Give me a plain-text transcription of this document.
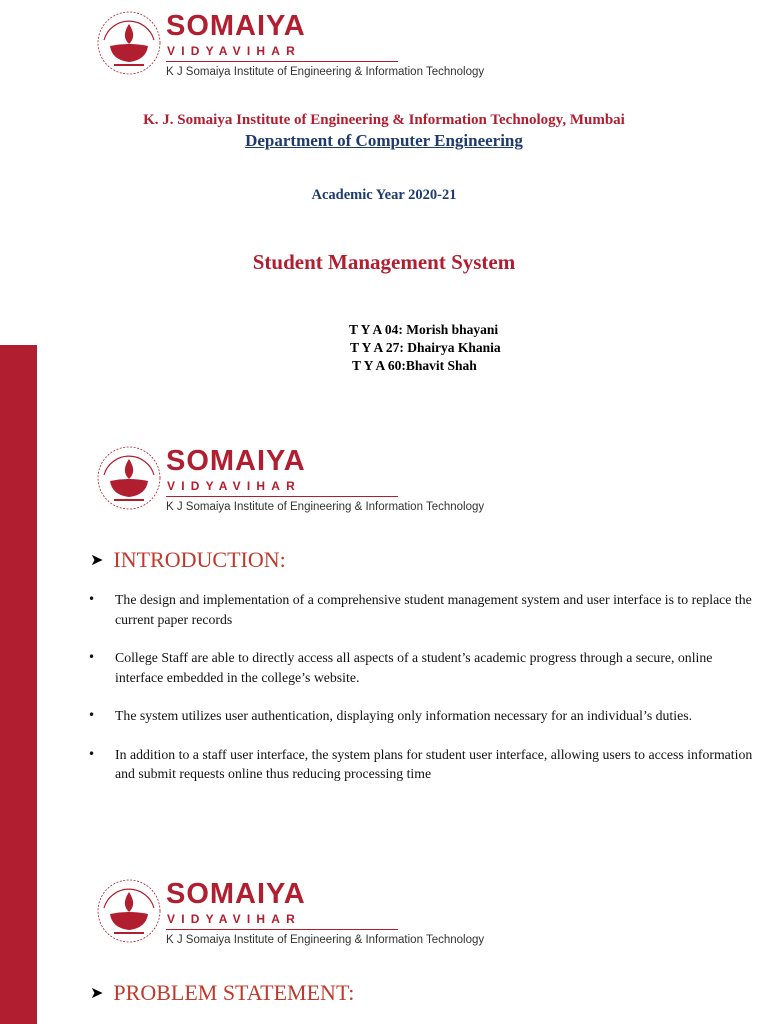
SOMAIYA
VIDYAVIHAR
K J Somaiya Institute of Engineering & Information Technology
K. J. Somaiya Institute of Engineering & Information Technology, Mumbai
Department of Computer Engineering
Academic Year 2020-21
Student Management System
T Y A 04: Morish bhayani
T Y A 27: Dhairya Khania
T Y A 60:Bhavit Shah
SOMAIYA
VIDYAVIHAR
K J Somaiya Institute of Engineering & Information Technology
➤ INTRODUCTION:
• The design and implementation of a comprehensive student management system and user interface is to replace the current paper records
• College Staff are able to directly access all aspects of a student’s academic progress through a secure, online interface embedded in the college’s website.
• The system utilizes user authentication, displaying only information necessary for an individual’s duties.
• In addition to a staff user interface, the system plans for student user interface, allowing users to access information and submit requests online thus reducing processing time
SOMAIYA
VIDYAVIHAR
K J Somaiya Institute of Engineering & Information Technology
➤ PROBLEM STATEMENT:
